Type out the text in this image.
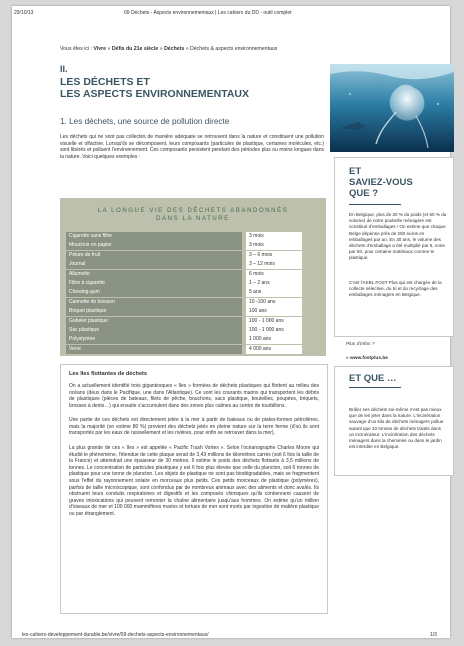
29/10/13	09 Déchets - Aspects environnementaux | Les cahiers du DD - outil complet
Vous êtes ici : Vivre » Défis du 21e siècle » Déchets » Déchets & aspects environnementaux
II.
LES DÉCHETS ET
LES ASPECTS ENVIRONNEMENTAUX
1. Les déchets, une source de pollution directe
Les déchets qui ne sont pas collectés de manière adéquate se retrouvent dans la nature et constituent une pollution visuelle et olfactive. Lorsqu'ils se décomposent, leurs composants (particules de plastique, certaines molécules, etc.) sont libérés et polluent l'environnement. Ces composants persistent pendant des périodes plus ou moins longues dans la nature. Voici quelques exemples :
ET
SAVIEZ-VOUS
QUE ?
En Belgique, plus de 30 % du poids (et 50 % du volume) de notre poubelle ménagère est constitué d'emballages ! On estime que chaque Belge dépense près de 250 euros en emballages par an. En 30 ans, le volume des déchets d'emballage a été multiplié par 5, voire par 50, pour certaine matériaux comme le plastique.
C'est l'ASBL FOST Plus qui est chargée de la collecte sélective, du tri et du recyclage des emballages ménagers en Belgique.
Plus d'infos ?
» www.fostplus.be
ET QUE …
Brûler ses déchets soi-même n'est pas mieux que de les jeter dans la nature. L'incinération sauvage d'un kilo de déchets ménagers pollue autant que 10 tonnes de déchets traités dans un incinérateur. L'incinération des déchets ménagers dans la cheminée ou dans le jardin est interdite en Belgique.
LA LONGUE VIE DES DÉCHETS ABANDONNÉS
DANS LA NATURE
Cigarette sans filtre	3 mois
Mouchoir en papier	3 mois
Pelure de fruit	3 – 6 mois
Journal	3 – 12 mois
Allumette	6 mois
Filtre à cigarette	1 – 2 ans
Chewing-gum	5 ans
Cannette de boisson	10 -100 ans
Briquet plastique	100 ans
Gobelet plastique	100 - 1 000 ans
Sac plastique	100 - 1 000 ans
Polystyrène	1 000 ans
Verre	4 000 ans
Les îles flottantes de déchets
On a actuellement identifié trois gigantesques « îles » formées de déchets plastiques qui flottent au milieu des océans (deux dans le Pacifique, une dans l'Atlantique). Ce sont les courants marins qui transportent les débris de plastiques (pièces de bateaux, filets de pêche, bouchons, sacs plastique, bouteilles, poupées, briquets, brosses à dents…) qui ensuite s'accumulent dans des zones plus calmes au centre de tourbillons.
Une partie de ces déchets est directement jetée à la mer à partir de bateaux ou de plates-formes pétrolières, mais la majorité (on estime 80 %) provient des déchets jetés en pleine nature sur la terre ferme (d'où ils sont transportés par les eaux de ruissellement et les rivières, pour enfin se retrouver dans la mer).
La plus grande de ces « îles » est appelée « Pacific Trash Vortex ». Selon l'océanographe Charles Moore qui étudié le phénomène, l'étendue de cette plaque serait de 3,43 millions de kilomètres carrés (soit 6 fois la taille de la France) et atteindrait une épaisseur de 30 mètres. Il estime le poids des déchets flottants à 3,5 millions de tonnes. Le concentration de particules plastiques y est 6 fois plus élevée que celle du plancton, soit 6 tonnes de plastique pour une tonne de plancton. Les objets de plastique ne sont pas biodégradables, mais se fragmentent sous l'effet du rayonnement solaire en morceaux plus petits. Ces petits morceaux de plastique (polymères), parfois de taille microscopique, sont confondus par de nombreux animaux avec des aliments et donc avalés. Ils obstruent leurs conduits respiratoires et digestifs et les composés chimiques qu'ils contiennent causent de graves intoxications qui peuvent remonter la chaîne alimentaire jusqu'aux hommes. On estime qu'un million d'oiseaux de mer et 100 000 mammifères marins et tortues de mer sont morts par ingestion de matière plastique ou par étranglement.
les-cahiers-developpement-durable.be/vivre/09-dechets-aspects-environnementaux/	1/3
